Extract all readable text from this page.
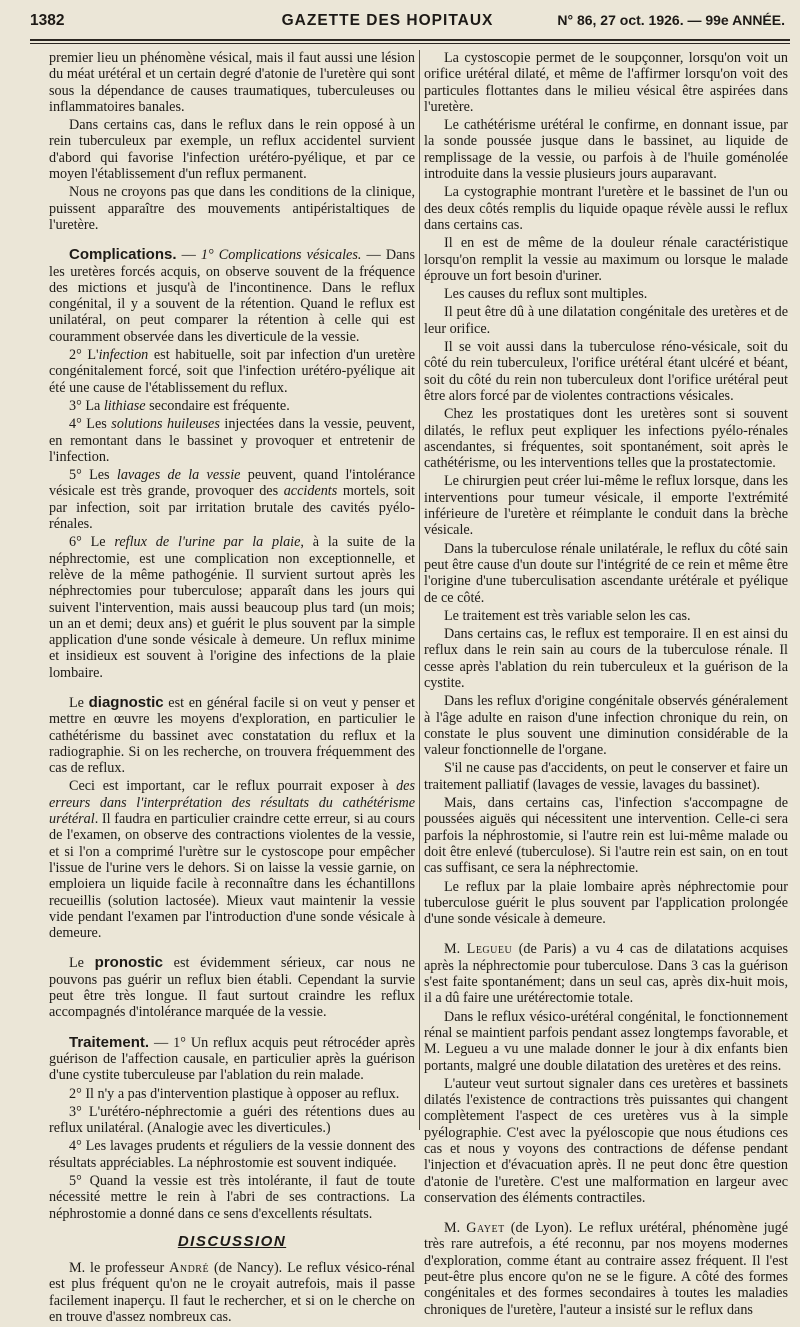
1382	GAZETTE DES HOPITAUX	N° 86, 27 oct. 1926. — 99e ANNÉE.

premier lieu un phénomène vésical, mais il faut aussi une lésion du méat urétéral et un certain degré d'atonie de l'uretère qui sont sous la dépendance de causes traumatiques, tuberculeuses ou inflammatoires banales.

Dans certains cas, dans le reflux dans le rein opposé à un rein tuberculeux par exemple, un reflux accidentel survient d'abord qui favorise l'infection urétéro-pyélique, et par ce moyen l'établissement d'un reflux permanent.

Nous ne croyons pas que dans les conditions de la clinique, puissent apparaître des mouvements antipéristaltiques de l'uretère.

Complications. — 1° Complications vésicales. — Dans les uretères forcés acquis, on observe souvent de la fréquence des mictions et jusqu'à de l'incontinence. Dans le reflux congénital, il y a souvent de la rétention. Quand le reflux est unilatéral, on peut comparer la rétention à celle qui est couramment observée dans les diverticule de la vessie.

2° L'infection est habituelle, soit par infection d'un uretère congénitalement forcé, soit que l'infection urétéro-pyélique ait été une cause de l'établissement du reflux.

3° La lithiase secondaire est fréquente.

4° Les solutions huileuses injectées dans la vessie, peuvent, en remontant dans le bassinet y provoquer et entretenir de l'infection.

5° Les lavages de la vessie peuvent, quand l'intolérance vésicale est très grande, provoquer des accidents mortels, soit par infection, soit par irritation brutale des cavités pyélo-rénales.

6° Le reflux de l'urine par la plaie, à la suite de la néphrectomie, est une complication non exceptionnelle, et relève de la même pathogénie. Il survient surtout après les néphrectomies pour tuberculose; apparaît dans les jours qui suivent l'intervention, mais aussi beaucoup plus tard (un mois; un an et demi; deux ans) et guérit le plus souvent par la simple application d'une sonde vésicale à demeure. Un reflux minime et insidieux est souvent à l'origine des infections de la plaie lombaire.

Le diagnostic est en général facile si on veut y penser et mettre en œuvre les moyens d'exploration, en particulier le cathétérisme du bassinet avec constatation du reflux et la radiographie. Si on les recherche, on trouvera fréquemment des cas de reflux.

Ceci est important, car le reflux pourrait exposer à des erreurs dans l'interprétation des résultats du cathétérisme urétéral. Il faudra en particulier craindre cette erreur, si au cours de l'examen, on observe des contractions violentes de la vessie, et si l'on a comprimé l'urètre sur le cystoscope pour empêcher l'issue de l'urine vers le dehors. Si on laisse la vessie garnie, on emploiera un liquide facile à reconnaître dans les échantillons recueillis (solution lactosée). Mieux vaut maintenir la vessie vide pendant l'examen par l'introduction d'une sonde vésicale à demeure.

Le pronostic est évidemment sérieux, car nous ne pouvons pas guérir un reflux bien établi. Cependant la survie peut être très longue. Il faut surtout craindre les reflux accompagnés d'intolérance marquée de la vessie.

Traitement. — 1° Un reflux acquis peut rétrocéder après guérison de l'affection causale, en particulier après la guérison d'une cystite tuberculeuse par l'ablation du rein malade.

2° Il n'y a pas d'intervention plastique à opposer au reflux.

3° L'urétéro-néphrectomie a guéri des rétentions dues au reflux unilatéral. (Analogie avec les diverticules.)

4° Les lavages prudents et réguliers de la vessie donnent des résultats appréciables. La néphrostomie est souvent indiquée.

5° Quand la vessie est très intolérante, il faut de toute nécessité mettre le rein à l'abri de ses contractions. La néphrostomie a donné dans ce sens d'excellents résultats.

DISCUSSION

M. le professeur André (de Nancy). Le reflux vésico-rénal est plus fréquent qu'on ne le croyait autrefois, mais il passe facilement inaperçu. Il faut le rechercher, et si on le cherche on en trouve d'assez nombreux cas.

La cystoscopie permet de le soupçonner, lorsqu'on voit un orifice urétéral dilaté, et même de l'affirmer lorsqu'on voit des particules flottantes dans le milieu vésical être aspirées dans l'uretère.

Le cathétérisme urétéral le confirme, en donnant issue, par la sonde poussée jusque dans le bassinet, au liquide de remplissage de la vessie, ou parfois à de l'huile goménolée introduite dans la vessie plusieurs jours auparavant.

La cystographie montrant l'uretère et le bassinet de l'un ou des deux côtés remplis du liquide opaque révèle aussi le reflux dans certains cas.

Il en est de même de la douleur rénale caractéristique lorsqu'on remplit la vessie au maximum ou lorsque le malade éprouve un fort besoin d'uriner.

Les causes du reflux sont multiples.

Il peut être dû à une dilatation congénitale des uretères et de leur orifice.

Il se voit aussi dans la tuberculose réno-vésicale, soit du côté du rein tuberculeux, l'orifice urétéral étant ulcéré et béant, soit du côté du rein non tuberculeux dont l'orifice urétéral peut être alors forcé par de violentes contractions vésicales.

Chez les prostatiques dont les uretères sont si souvent dilatés, le reflux peut expliquer les infections pyélo-rénales ascendantes, si fréquentes, soit spontanément, soit après le cathétérisme, ou les interventions telles que la prostatectomie.

Le chirurgien peut créer lui-même le reflux lorsque, dans les interventions pour tumeur vésicale, il emporte l'extrémité inférieure de l'uretère et réimplante le conduit dans la brèche vésicale.

Dans la tuberculose rénale unilatérale, le reflux du côté sain peut être cause d'un doute sur l'intégrité de ce rein et même être l'origine d'une tuberculisation ascendante urétérale et pyélique de ce côté.

Le traitement est très variable selon les cas.

Dans certains cas, le reflux est temporaire. Il en est ainsi du reflux dans le rein sain au cours de la tuberculose rénale. Il cesse après l'ablation du rein tuberculeux et la guérison de la cystite.

Dans les reflux d'origine congénitale observés généralement à l'âge adulte en raison d'une infection chronique du rein, on constate le plus souvent une diminution considérable de la valeur fonctionnelle de l'organe.

S'il ne cause pas d'accidents, on peut le conserver et faire un traitement palliatif (lavages de vessie, lavages du bassinet).

Mais, dans certains cas, l'infection s'accompagne de poussées aiguës qui nécessitent une intervention. Celle-ci sera parfois la néphrostomie, si l'autre rein est lui-même malade ou doit être enlevé (tuberculose). Si l'autre rein est sain, on en tout cas suffisant, ce sera la néphrectomie.

Le reflux par la plaie lombaire après néphrectomie pour tuberculose guérit le plus souvent par l'application prolongée d'une sonde vésicale à demeure.

M. Legueu (de Paris) a vu 4 cas de dilatations acquises après la néphrectomie pour tuberculose. Dans 3 cas la guérison s'est faite spontanément; dans un seul cas, après dix-huit mois, il a dû faire une urétérectomie totale.

Dans le reflux vésico-urétéral congénital, le fonctionnement rénal se maintient parfois pendant assez longtemps favorable, et M. Legueu a vu une malade donner le jour à dix enfants bien portants, malgré une double dilatation des uretères et des reins.

L'auteur veut surtout signaler dans ces uretères et bassinets dilatés l'existence de contractions très puissantes qui changent complètement l'aspect de ces uretères vus à la simple pyélographie. C'est avec la pyéloscopie que nous étudions ces cas et nous y voyons des contractions de défense pendant l'injection et d'évacuation après. Il ne peut donc être question d'atonie de l'uretère. C'est une malformation en largeur avec conservation des éléments contractiles.

M. Gayet (de Lyon). Le reflux urétéral, phénomène jugé très rare autrefois, a été reconnu, par nos moyens modernes d'exploration, comme étant au contraire assez fréquent. Il l'est peut-être plus encore qu'on ne se le figure. A côté des formes congénitales et des formes secondaires à toutes les maladies chroniques de l'uretère, l'auteur a insisté sur le reflux dans
